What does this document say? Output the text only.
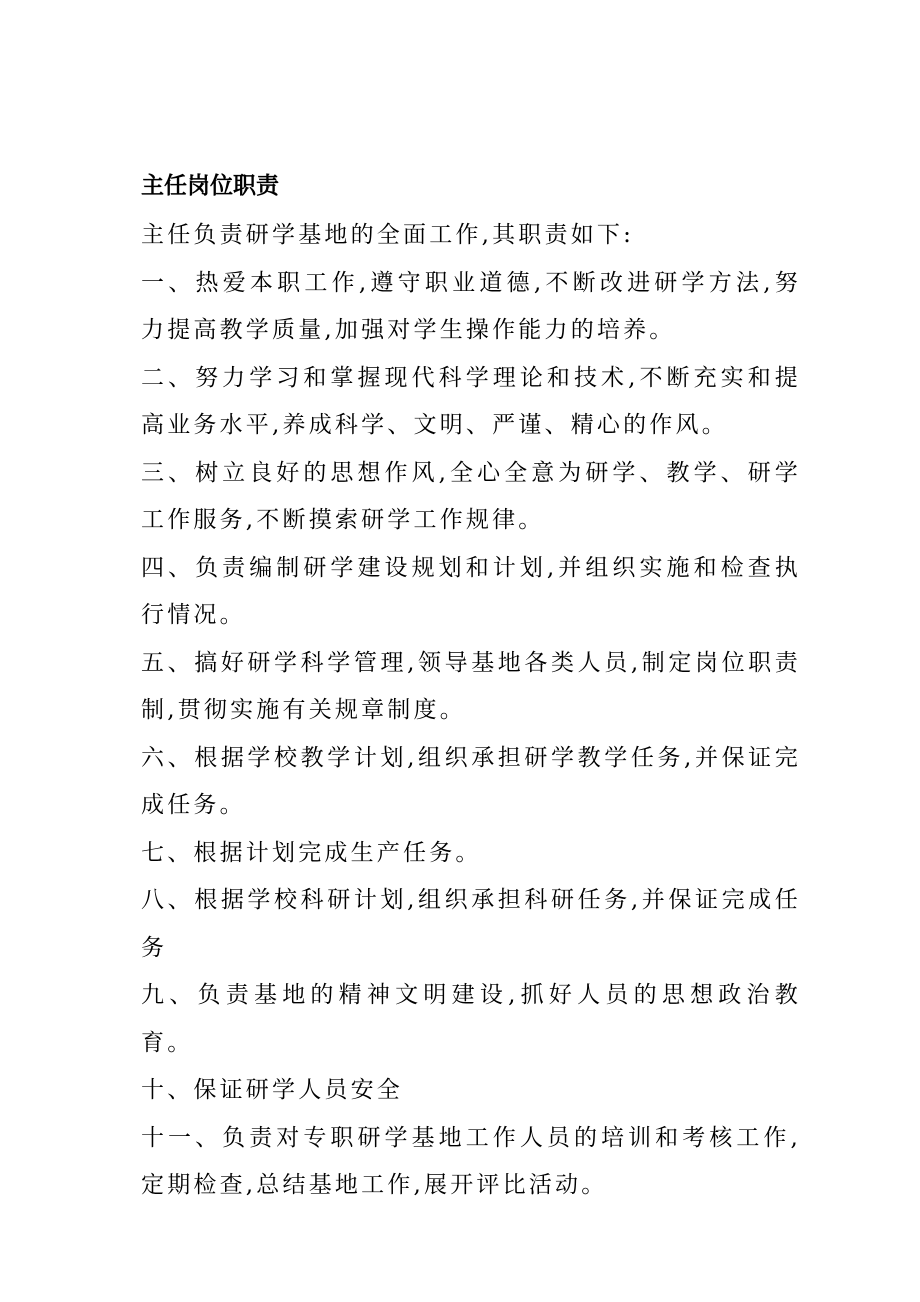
主任岗位职责

主任负责研学基地的全面工作,其职责如下:

一、热爱本职工作,遵守职业道德,不断改进研学方法,努力提高教学质量,加强对学生操作能力的培养。

二、努力学习和掌握现代科学理论和技术,不断充实和提高业务水平,养成科学、文明、严谨、精心的作风。

三、树立良好的思想作风,全心全意为研学、教学、研学工作服务,不断摸索研学工作规律。

四、负责编制研学建设规划和计划,并组织实施和检查执行情况。

五、搞好研学科学管理,领导基地各类人员,制定岗位职责制,贯彻实施有关规章制度。

六、根据学校教学计划,组织承担研学教学任务,并保证完成任务。

七、根据计划完成生产任务。

八、根据学校科研计划,组织承担科研任务,并保证完成任务

九、负责基地的精神文明建设,抓好人员的思想政治教育。

十、保证研学人员安全

十一、负责对专职研学基地工作人员的培训和考核工作,定期检查,总结基地工作,展开评比活动。
